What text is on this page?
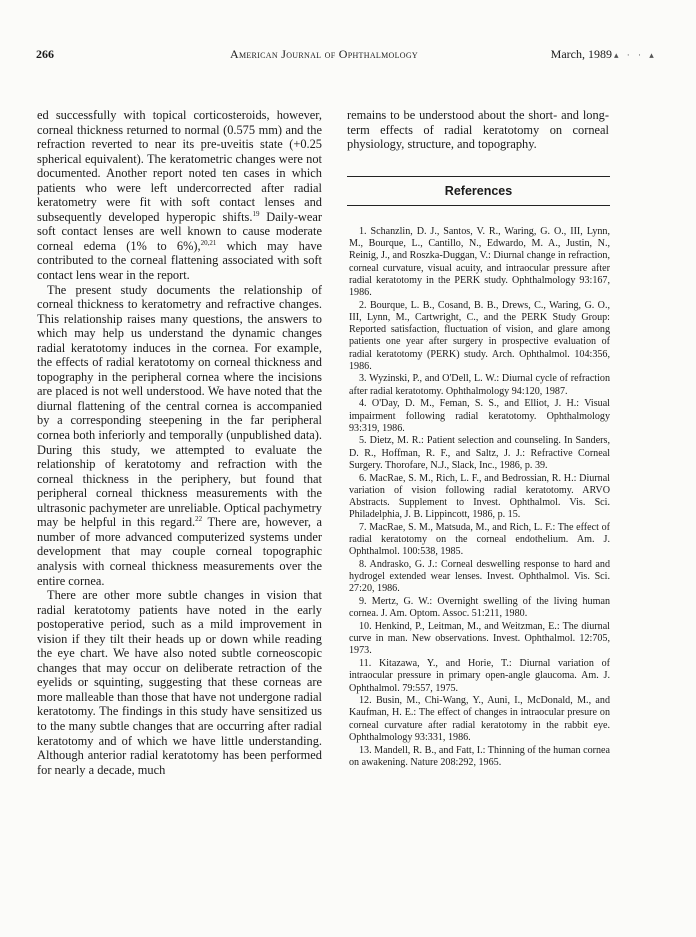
266	American Journal of Ophthalmology	March, 1989 ▴ · · ▴

ed successfully with topical corticosteroids, however, corneal thickness returned to normal (0.575 mm) and the refraction reverted to near its pre-uveitis state (+0.25 spherical equivalent). The keratometric changes were not documented. Another report noted ten cases in which patients who were left undercorrected after radial keratometry were fit with soft contact lenses and subsequently developed hyperopic shifts.$^{19}$ Daily-wear soft contact lenses are well known to cause moderate corneal edema (1% to 6%),$^{20,21}$ which may have contributed to the corneal flattening associated with soft contact lens wear in the report.

The present study documents the relationship of corneal thickness to keratometry and refractive changes. This relationship raises many questions, the answers to which may help us understand the dynamic changes radial keratotomy induces in the cornea. For example, the effects of radial keratotomy on corneal thickness and topography in the peripheral cornea where the incisions are placed is not well understood. We have noted that the diurnal flattening of the central cornea is accompanied by a corresponding steepening in the far peripheral cornea both inferiorly and temporally (unpublished data). During this study, we attempted to evaluate the relationship of keratotomy and refraction with the corneal thickness in the periphery, but found that peripheral corneal thickness measurements with the ultrasonic pachymeter are unreliable. Optical pachymetry may be helpful in this regard.$^{22}$ There are, however, a number of more advanced computerized systems under development that may couple corneal topographic analysis with corneal thickness measurements over the entire cornea.

There are other more subtle changes in vision that radial keratotomy patients have noted in the early postoperative period, such as a mild improvement in vision if they tilt their heads up or down while reading the eye chart. We have also noted subtle corneoscopic changes that may occur on deliberate retraction of the eyelids or squinting, suggesting that these corneas are more malleable than those that have not undergone radial keratotomy. The findings in this study have sensitized us to the many subtle changes that are occurring after radial keratotomy and of which we have little understanding. Although anterior radial keratotomy has been performed for nearly a decade, much

remains to be understood about the short- and long-term effects of radial keratotomy on corneal physiology, structure, and topography.

References

1. Schanzlin, D. J., Santos, V. R., Waring, G. O., III, Lynn, M., Bourque, L., Cantillo, N., Edwardo, M. A., Justin, N., Reinig, J., and Roszka-Duggan, V.: Diurnal change in refraction, corneal curvature, visual acuity, and intraocular pressure after radial keratotomy in the PERK study. Ophthalmology 93:167, 1986.

2. Bourque, L. B., Cosand, B. B., Drews, C., Waring, G. O., III, Lynn, M., Cartwright, C., and the PERK Study Group: Reported satisfaction, fluctuation of vision, and glare among patients one year after surgery in prospective evaluation of radial keratotomy (PERK) study. Arch. Ophthalmol. 104:356, 1986.

3. Wyzinski, P., and O'Dell, L. W.: Diurnal cycle of refraction after radial keratotomy. Ophthalmology 94:120, 1987.

4. O'Day, D. M., Feman, S. S., and Elliot, J. H.: Visual impairment following radial keratotomy. Ophthalmology 93:319, 1986.

5. Dietz, M. R.: Patient selection and counseling. In Sanders, D. R., Hoffman, R. F., and Saltz, J. J.: Refractive Corneal Surgery. Thorofare, N.J., Slack, Inc., 1986, p. 39.

6. MacRae, S. M., Rich, L. F., and Bedrossian, R. H.: Diurnal variation of vision following radial keratotomy. ARVO Abstracts. Supplement to Invest. Ophthalmol. Vis. Sci. Philadelphia, J. B. Lippincott, 1986, p. 15.

7. MacRae, S. M., Matsuda, M., and Rich, L. F.: The effect of radial keratotomy on the corneal endothelium. Am. J. Ophthalmol. 100:538, 1985.

8. Andrasko, G. J.: Corneal deswelling response to hard and hydrogel extended wear lenses. Invest. Ophthalmol. Vis. Sci. 27:20, 1986.

9. Mertz, G. W.: Overnight swelling of the living human cornea. J. Am. Optom. Assoc. 51:211, 1980.

10. Henkind, P., Leitman, M., and Weitzman, E.: The diurnal curve in man. New observations. Invest. Ophthalmol. 12:705, 1973.

11. Kitazawa, Y., and Horie, T.: Diurnal variation of intraocular pressure in primary open-angle glaucoma. Am. J. Ophthalmol. 79:557, 1975.

12. Busin, M., Chi-Wang, Y., Auni, I., McDonald, M., and Kaufman, H. E.: The effect of changes in intraocular presure on corneal curvature after radial keratotomy in the rabbit eye. Ophthalmology 93:331, 1986.

13. Mandell, R. B., and Fatt, I.: Thinning of the human cornea on awakening. Nature 208:292, 1965.
